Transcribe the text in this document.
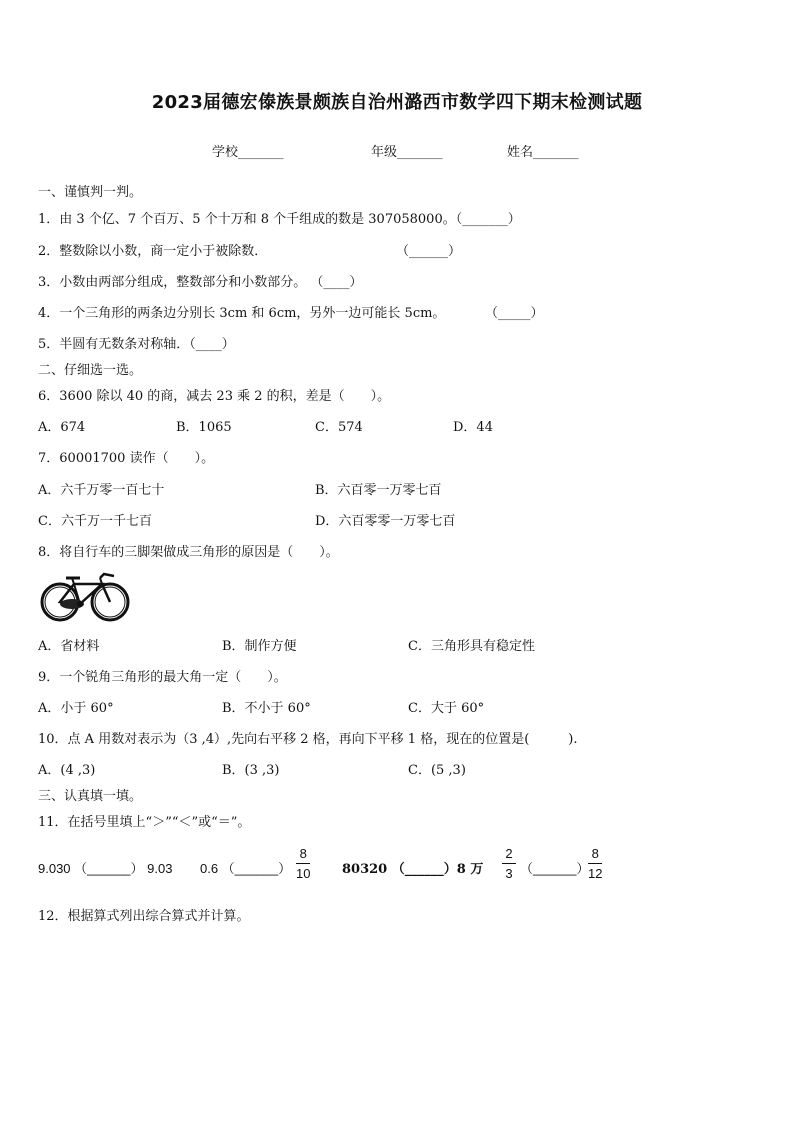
2023届德宏傣族景颇族自治州潞西市数学四下期末检测试题
学校_______	年级_______	姓名_______
一、谨慎判一判。
1．由 3 个亿、7 个百万、5 个十万和 8 个千组成的数是 307058000。（_______）
2．整数除以小数，商一定小于被除数．	（______）
3．小数由两部分组成，整数部分和小数部分。 （____）
4．一个三角形的两条边分别长 3cm 和 6cm，另外一边可能长 5cm。	（_____）
5．半圆有无数条对称轴．（____）
二、仔细选一选。
6．3600 除以 40 的商，减去 23 乘 2 的积，差是（　　）。
A．674	B．1065	C．574	D．44
7．60001700 读作（　　）。
A．六千万零一百七十	B．六百零一万零七百
C．六千万一千七百	D．六百零零一万零七百
8．将自行车的三脚架做成三角形的原因是（　　）。
A．省材料	B．制作方便	C．三角形具有稳定性
9．一个锐角三角形的最大角一定（　　）。
A．小于 60°	B．不小于 60°	C．大于 60°
10．点 A 用数对表示为（3 ,4）,先向右平移 2 格，再向下平移 1 格，现在的位置是(　　　).
A．(4 ,3)	B．(3 ,3)	C．(5 ,3)
三、认真填一填。
11．在括号里填上“＞”“＜”或“＝”。
9.030 （______） 9.03 0.6 （______）
8
10 80320 （______）8 万
2
3 （______）
8
12
12．根据算式列出综合算式并计算。
